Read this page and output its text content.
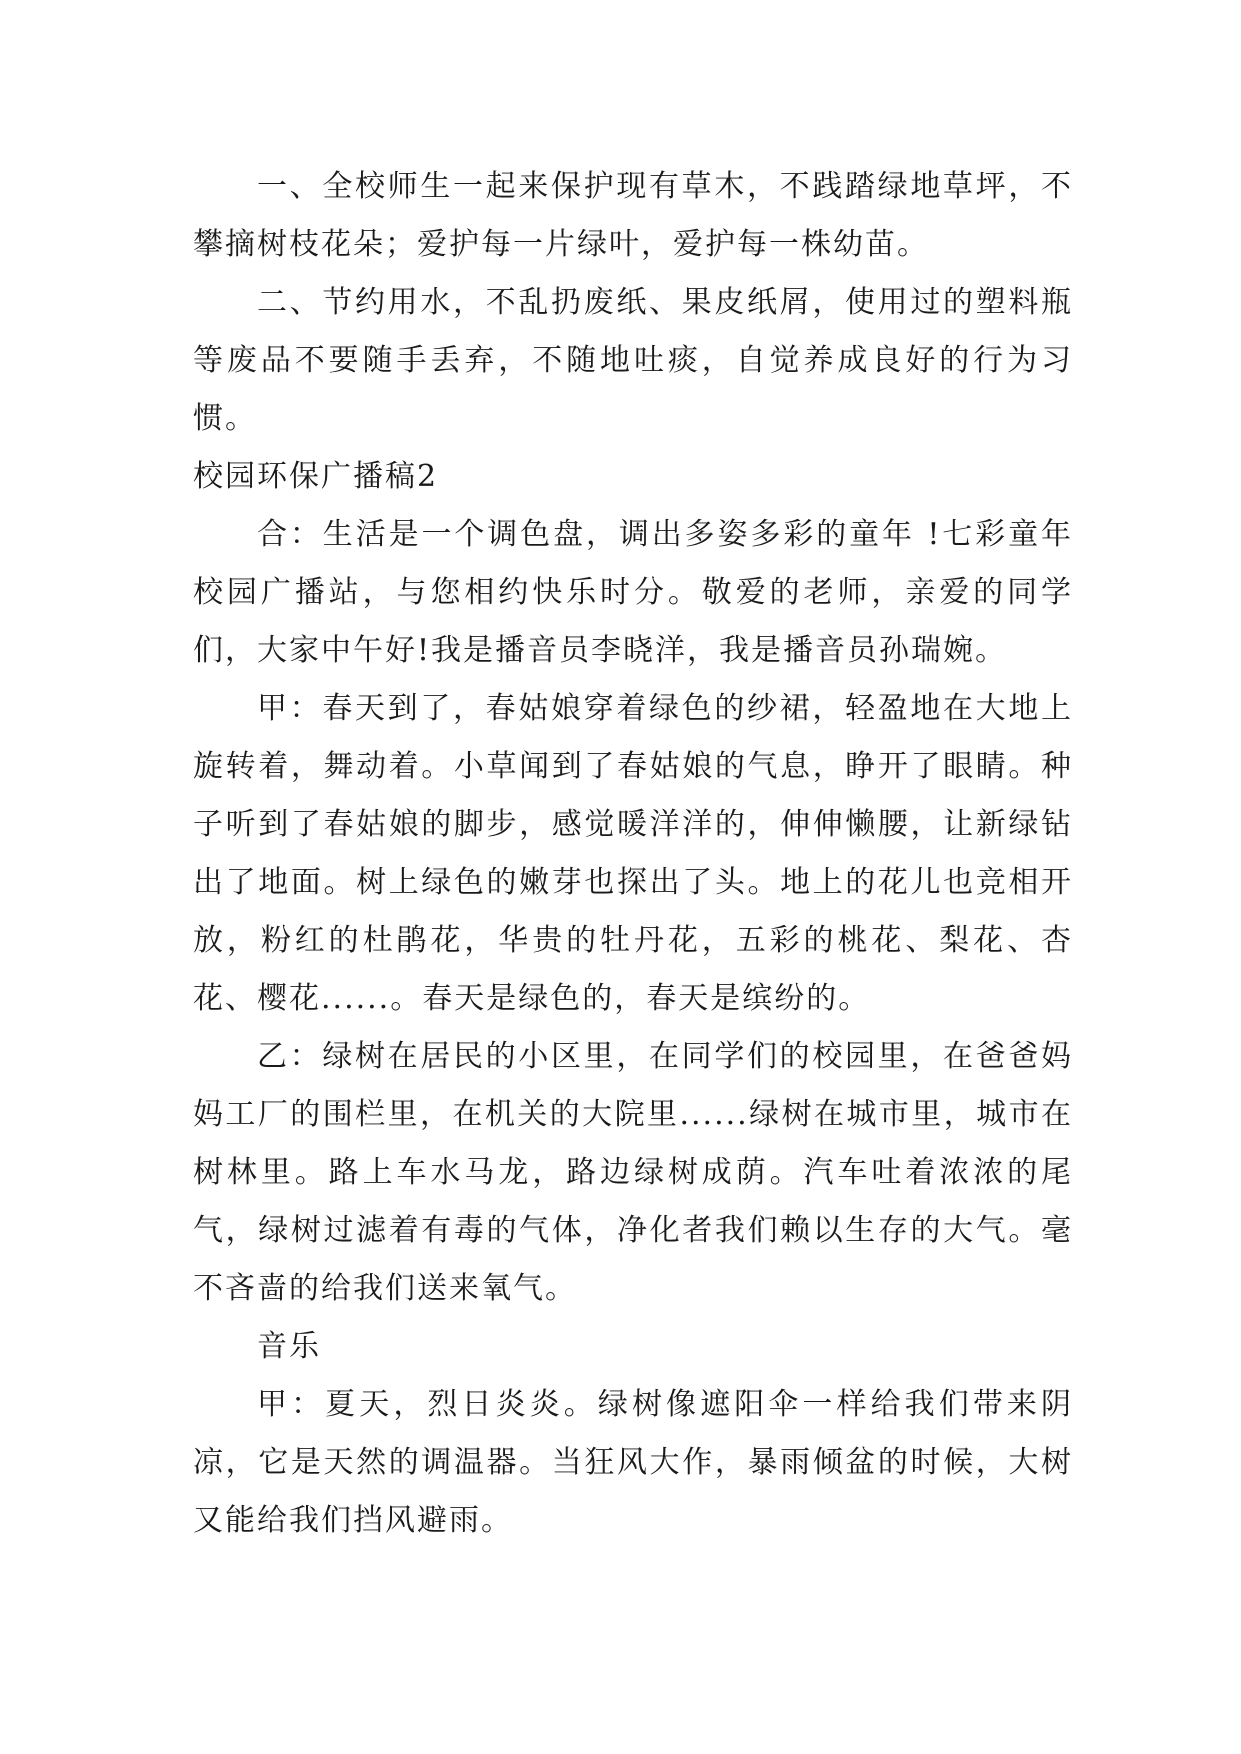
一、全校师生一起来保护现有草木，不践踏绿地草坪，不攀摘树枝花朵；爱护每一片绿叶，爱护每一株幼苗。

二、节约用水，不乱扔废纸、果皮纸屑，使用过的塑料瓶等废品不要随手丢弃，不随地吐痰，自觉养成良好的行为习惯。

校园环保广播稿2

合：生活是一个调色盘，调出多姿多彩的童年 !七彩童年校园广播站，与您相约快乐时分。敬爱的老师，亲爱的同学们，大家中午好!我是播音员李晓洋，我是播音员孙瑞婉。

甲：春天到了，春姑娘穿着绿色的纱裙，轻盈地在大地上旋转着，舞动着。小草闻到了春姑娘的气息，睁开了眼睛。种子听到了春姑娘的脚步，感觉暖洋洋的，伸伸懒腰，让新绿钻出了地面。树上绿色的嫩芽也探出了头。地上的花儿也竞相开放，粉红的杜鹃花，华贵的牡丹花，五彩的桃花、梨花、杏花、樱花......。春天是绿色的，春天是缤纷的。

乙：绿树在居民的小区里，在同学们的校园里，在爸爸妈妈工厂的围栏里，在机关的大院里......绿树在城市里，城市在树林里。路上车水马龙，路边绿树成荫。汽车吐着浓浓的尾气，绿树过滤着有毒的气体，净化者我们赖以生存的大气。毫不吝啬的给我们送来氧气。

音乐

甲：夏天，烈日炎炎。绿树像遮阳伞一样给我们带来阴凉，它是天然的调温器。当狂风大作，暴雨倾盆的时候，大树又能给我们挡风避雨。
